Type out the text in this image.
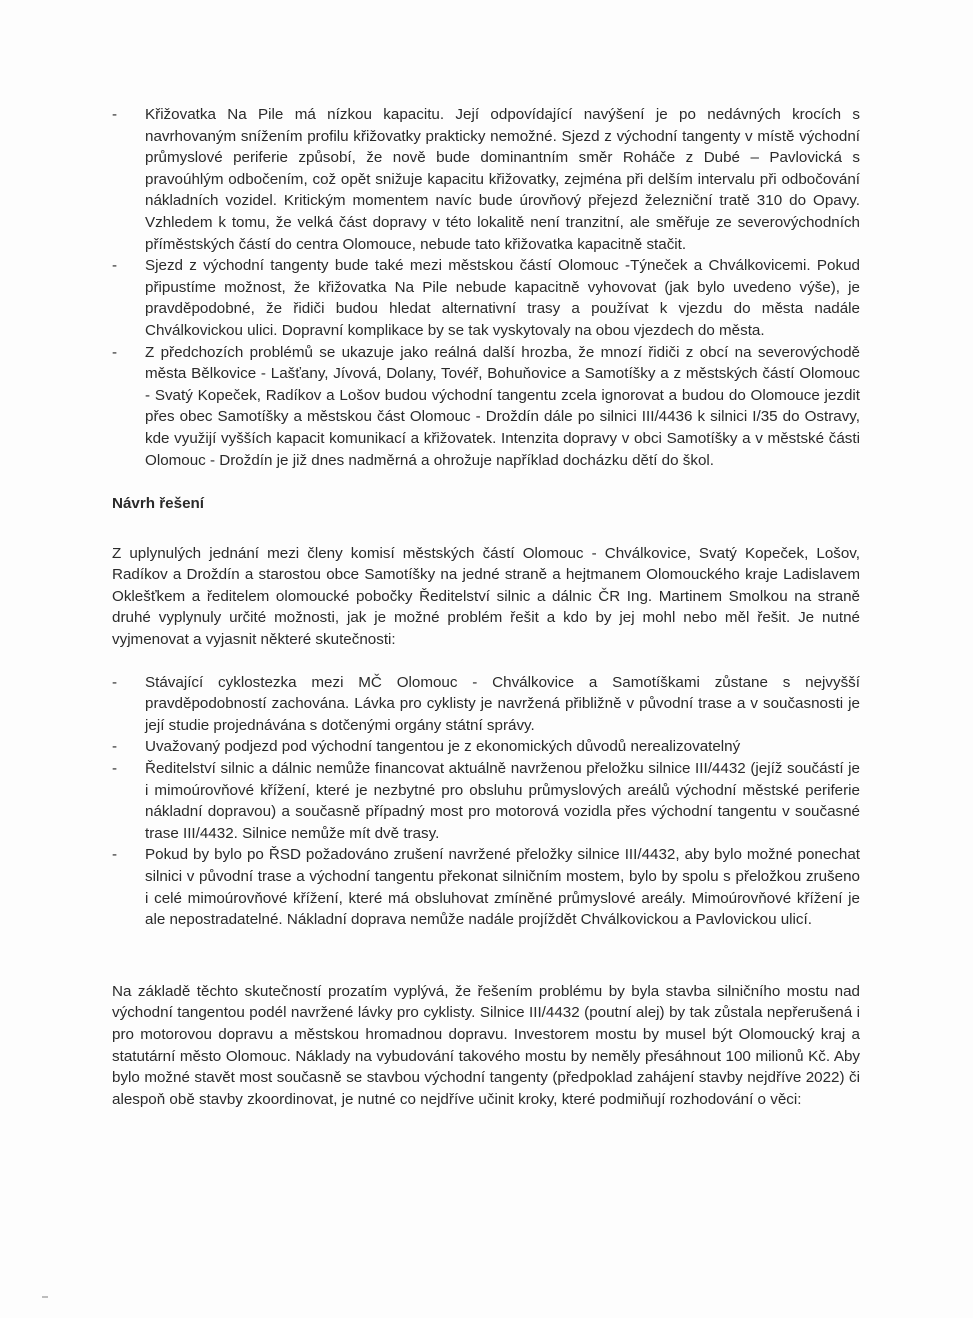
- Křižovatka Na Pile má nízkou kapacitu. Její odpovídající navýšení je po nedávných krocích s navrhovaným snížením profilu křižovatky prakticky nemožné. Sjezd z východní tangenty v místě východní průmyslové periferie způsobí, že nově bude dominantním směr Roháče z Dubé – Pavlovická s pravoúhlým odbočením, což opět snižuje kapacitu křižovatky, zejména při delším intervalu při odbočování nákladních vozidel. Kritickým momentem navíc bude úrovňový přejezd železniční tratě 310 do Opavy. Vzhledem k tomu, že velká část dopravy v této lokalitě není tranzitní, ale směřuje ze severovýchodních příměstských částí do centra Olomouce, nebude tato křižovatka kapacitně stačit.
- Sjezd z východní tangenty bude také mezi městskou částí Olomouc -Týneček a Chválkovicemi. Pokud připustíme možnost, že křižovatka Na Pile nebude kapacitně vyhovovat (jak bylo uvedeno výše), je pravděpodobné, že řidiči budou hledat alternativní trasy a používat k vjezdu do města nadále Chválkovickou ulici. Dopravní komplikace by se tak vyskytovaly na obou vjezdech do města.
- Z předchozích problémů se ukazuje jako reálná další hrozba, že mnozí řidiči z obcí na severovýchodě města Bělkovice - Lašťany, Jívová, Dolany, Tovéř, Bohuňovice a Samotíšky a z městských částí Olomouc - Svatý Kopeček, Radíkov a Lošov budou východní tangentu zcela ignorovat a budou do Olomouce jezdit přes obec Samotíšky a městskou část Olomouc - Droždín dále po silnici III/4436 k silnici I/35 do Ostravy, kde využijí vyšších kapacit komunikací a křižovatek. Intenzita dopravy v obci Samotíšky a v městské části Olomouc - Droždín je již dnes nadměrná a ohrožuje například docházku dětí do škol.

Návrh řešení

Z uplynulých jednání mezi členy komisí městských částí Olomouc - Chválkovice, Svatý Kopeček, Lošov, Radíkov a Droždín a starostou obce Samotíšky na jedné straně a hejtmanem Olomouckého kraje Ladislavem Oklešťkem a ředitelem olomoucké pobočky Ředitelství silnic a dálnic ČR Ing. Martinem Smolkou na straně druhé vyplynuly určité možnosti, jak je možné problém řešit a kdo by jej mohl nebo měl řešit. Je nutné vyjmenovat a vyjasnit některé skutečnosti:

- Stávající cyklostezka mezi MČ Olomouc - Chválkovice a Samotíškami zůstane s nejvyšší pravděpodobností zachována. Lávka pro cyklisty je navržená přibližně v původní trase a v současnosti je její studie projednávána s dotčenými orgány státní správy.
- Uvažovaný podjezd pod východní tangentou je z ekonomických důvodů nerealizovatelný
- Ředitelství silnic a dálnic nemůže financovat aktuálně navrženou přeložku silnice III/4432 (jejíž součástí je i mimoúrovňové křížení, které je nezbytné pro obsluhu průmyslových areálů východní městské periferie nákladní dopravou) a současně případný most pro motorová vozidla přes východní tangentu v současné trase III/4432. Silnice nemůže mít dvě trasy.
- Pokud by bylo po ŘSD požadováno zrušení navržené přeložky silnice III/4432, aby bylo možné ponechat silnici v původní trase a východní tangentu překonat silničním mostem, bylo by spolu s přeložkou zrušeno i celé mimoúrovňové křížení, které má obsluhovat zmíněné průmyslové areály. Mimoúrovňové křížení je ale nepostradatelné. Nákladní doprava nemůže nadále projíždět Chválkovickou a Pavlovickou ulicí.

Na základě těchto skutečností prozatím vyplývá, že řešením problému by byla stavba silničního mostu nad východní tangentou podél navržené lávky pro cyklisty. Silnice III/4432 (poutní alej) by tak zůstala nepřerušená i pro motorovou dopravu a městskou hromadnou dopravu. Investorem mostu by musel být Olomoucký kraj a statutární město Olomouc. Náklady na vybudování takového mostu by neměly přesáhnout 100 milionů Kč. Aby bylo možné stavět most současně se stavbou východní tangenty (předpoklad zahájení stavby nejdříve 2022) či alespoň obě stavby zkoordinovat, je nutné co nejdříve učinit kroky, které podmiňují rozhodování o věci:
